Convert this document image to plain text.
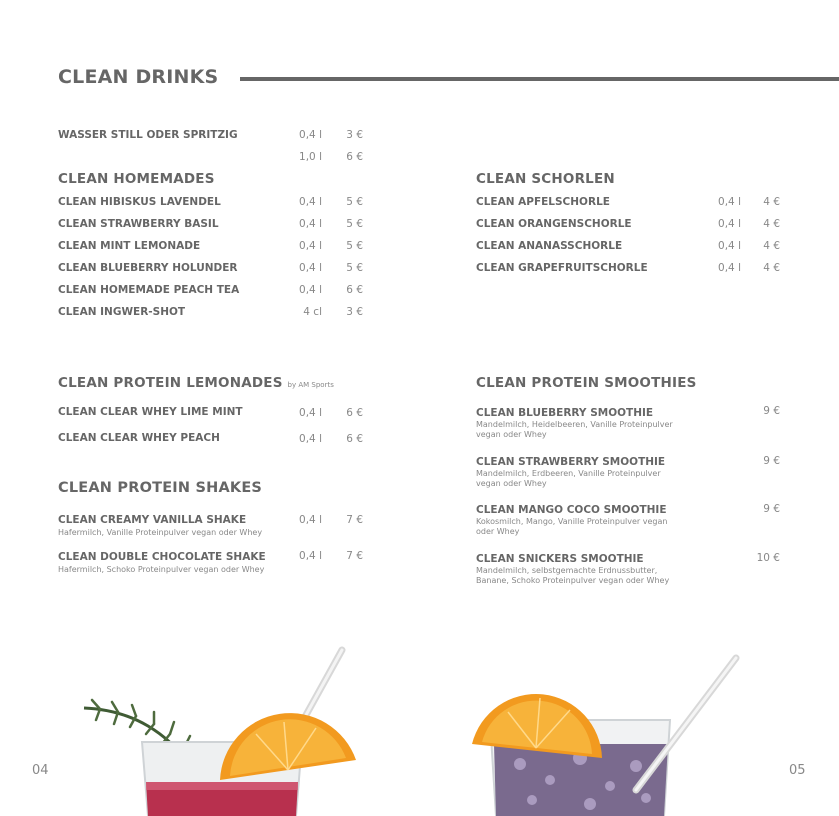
CLEAN DRINKS
WASSER STILL ODER SPRITZIG	0,4 l	3 €
1,0 l	6 €
CLEAN HOMEMADES
CLEAN HIBISKUS LAVENDEL	0,4 l	5 €
CLEAN STRAWBERRY BASIL	0,4 l	5 €
CLEAN MINT LEMONADE	0,4 l	5 €
CLEAN BLUEBERRY HOLUNDER	0,4 l	5 €
CLEAN HOMEMADE PEACH TEA	0,4 l	6 €
CLEAN INGWER-SHOT	4 cl	3 €
CLEAN SCHORLEN
CLEAN APFELSCHORLE	0,4 l	4 €
CLEAN ORANGENSCHORLE	0,4 l	4 €
CLEAN ANANASSCHORLE	0,4 l	4 €
CLEAN GRAPEFRUITSCHORLE	0,4 l	4 €
CLEAN PROTEIN LEMONADES by AM Sports
CLEAN CLEAR WHEY LIME MINT	0,4 l	6 €
CLEAN CLEAR WHEY PEACH	0,4 l	6 €
CLEAN PROTEIN SHAKES
CLEAN CREAMY VANILLA SHAKE
Hafermilch, Vanille Proteinpulver vegan oder Whey
0,4 l	7 €
CLEAN DOUBLE CHOCOLATE SHAKE
Hafermilch, Schoko Proteinpulver vegan oder Whey
0,4 l	7 €
CLEAN PROTEIN SMOOTHIES
CLEAN BLUEBERRY SMOOTHIE
Mandelmilch, Heidelbeeren, Vanille Proteinpulver
vegan oder Whey
9 €
CLEAN STRAWBERRY SMOOTHIE
Mandelmilch, Erdbeeren, Vanille Proteinpulver
vegan oder Whey
9 €
CLEAN MANGO COCO SMOOTHIE
Kokosmilch, Mango, Vanille Proteinpulver vegan
oder Whey
9 €
CLEAN SNICKERS SMOOTHIE
Mandelmilch, selbstgemachte Erdnussbutter,
Banane, Schoko Proteinpulver vegan oder Whey
10 €
04	05
